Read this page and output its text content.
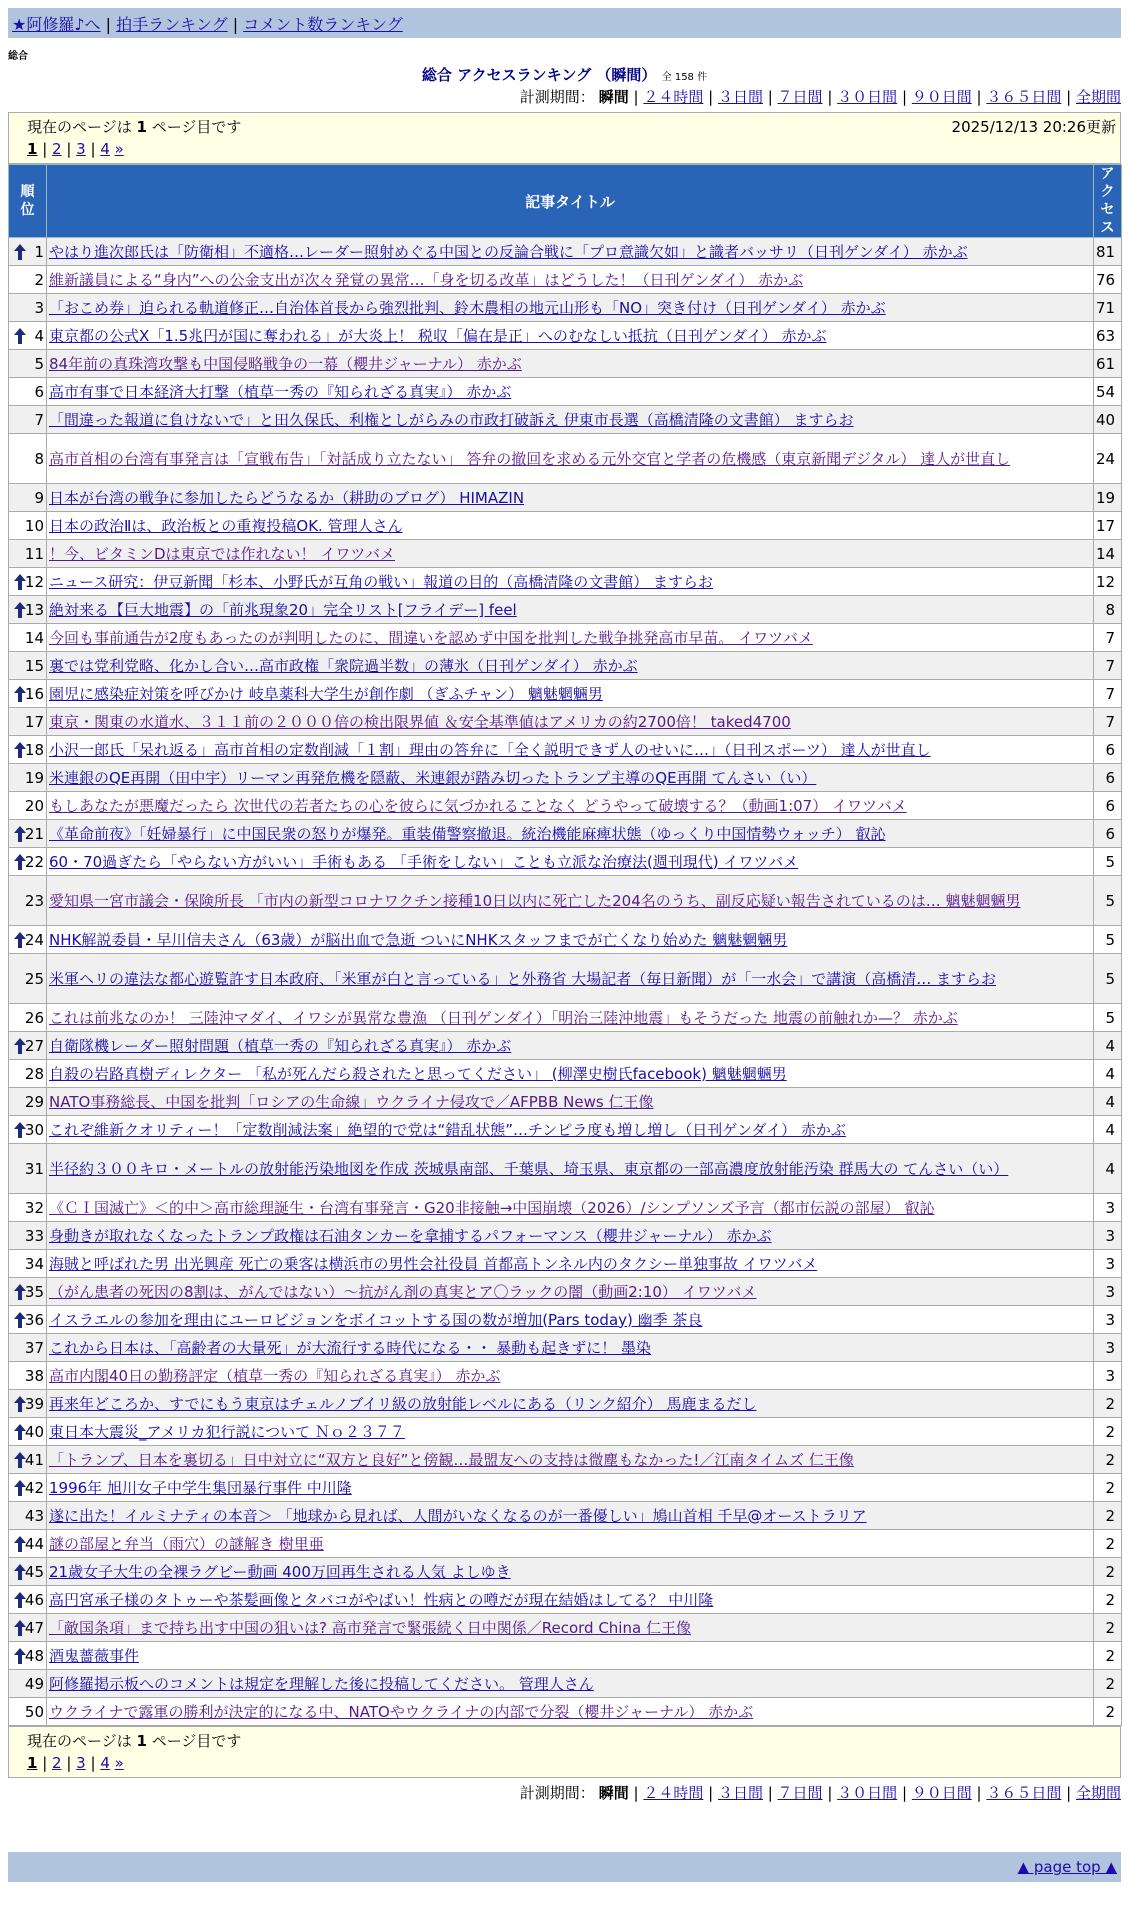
★阿修羅♪へ | 拍手ランキング | コメント数ランキング
総合
総合 アクセスランキング （瞬間） 全 158 件
計測期間： 瞬間 | ２４時間 | ３日間 | ７日間 | ３０日間 | ９０日間 | ３６５日間 | 全期間
現在のページは 1 ページ目です	2025/12/13 20:26更新
1 | 2 | 3 | 4 »
順位	記事タイトル	アクセス

1	やはり進次郎氏は「防衛相」不適格…レーダー照射めぐる中国との反論合戦に「プロ意識欠如」と識者バッサリ（日刊ゲンダイ） 赤かぶ	81
2	維新議員による“身内”への公金支出が次々発覚の異常…「身を切る改革」はどうした！（日刊ゲンダイ） 赤かぶ	76
3	「おこめ券」迫られる軌道修正…自治体首長から強烈批判、鈴木農相の地元山形も「NO」突き付け（日刊ゲンダイ） 赤かぶ	71

4	東京都の公式X「1.5兆円が国に奪われる」が大炎上！ 税収「偏在是正」へのむなしい抵抗（日刊ゲンダイ） 赤かぶ	63
5	84年前の真珠湾攻撃も中国侵略戦争の一幕（櫻井ジャーナル） 赤かぶ	61
6	高市有事で日本経済大打撃（植草一秀の『知られざる真実』） 赤かぶ	54
7	「間違った報道に負けないで」と田久保氏、利権としがらみの市政打破訴え 伊東市長選（高橋清隆の文書館） ますらお	40
8	高市首相の台湾有事発言は「宣戦布告」「対話成り立たない」 答弁の撤回を求める元外交官と学者の危機感（東京新聞デジタル） 達人が世直し	24
9	日本が台湾の戦争に参加したらどうなるか（耕助のブログ） HIMAZIN	19
10	日本の政治Ⅱは、政治板との重複投稿OK. 管理人さん	17
11	！今、ビタミンDは東京では作れない！ イワツバメ	14

12	ニュース研究：伊豆新聞「杉本、小野氏が互角の戦い」報道の目的（高橋清隆の文書館） ますらお	12

13	絶対来る【巨大地震】の「前兆現象20」完全リスト[フライデー] feel	8
14	今回も事前通告が2度もあったのが判明したのに、間違いを認めず中国を批判した戦争挑発高市早苗。 イワツバメ	7
15	裏では党利党略、化かし合い…高市政権「衆院過半数」の薄氷（日刊ゲンダイ） 赤かぶ	7

16	園児に感染症対策を呼びかけ 岐阜薬科大学生が創作劇 （ぎふチャン） 魑魅魍魎男	7
17	東京・関東の水道水、３１１前の２０００倍の検出限界値 ＆安全基準値はアメリカの約2700倍！ taked4700	7

18	小沢一郎氏「呆れ返る」高市首相の定数削減「１割」理由の答弁に「全く説明できず人のせいに…」（日刊スポーツ） 達人が世直し	6
19	米連銀のQE再開（田中宇）リーマン再発危機を隠蔽、米連銀が踏み切ったトランプ主導のQE再開 てんさい（い）	6
20	もしあなたが悪魔だったら 次世代の若者たちの心を彼らに気づかれることなく どうやって破壊する？（動画1:07） イワツバメ	6

21	《革命前夜》「妊婦暴行」に中国民衆の怒りが爆発。重装備警察撤退。統治機能麻痺状態（ゆっくり中国情勢ウォッチ） 叡訫	6

22	60・70過ぎたら「やらない方がいい」手術もある 「手術をしない」ことも立派な治療法(週刊現代) イワツバメ	5
23	愛知県一宮市議会・保険所長 「市内の新型コロナワクチン接種10日以内に死亡した204名のうち、副反応疑い報告されているのは… 魑魅魍魎男	5

24	NHK解説委員・早川信夫さん（63歳）が脳出血で急逝 ついにNHKスタッフまでが亡くなり始めた 魑魅魍魎男	5
25	米軍ヘリの違法な都心遊覧許す日本政府、「米軍が白と言っている」と外務省 大場記者（毎日新聞）が「一水会」で講演（高橋清… ますらお	5
26	これは前兆なのか！ 三陸沖マダイ、イワシが異常な豊漁 （日刊ゲンダイ）「明治三陸沖地震」もそうだった 地震の前触れか—？ 赤かぶ	5

27	自衛隊機レーダー照射問題（植草一秀の『知られざる真実』） 赤かぶ	4
28	自殺の岩路真樹ディレクター 「私が死んだら殺されたと思ってください」 (柳澤史樹氏facebook) 魑魅魍魎男	4
29	NATO事務総長、中国を批判「ロシアの生命線」ウクライナ侵攻で／AFPBB News 仁王像	4

30	これぞ維新クオリティー！「定数削減法案」絶望的で党は“錯乱状態”…チンピラ度も増し増し（日刊ゲンダイ） 赤かぶ	4
31	半径約３００キロ・メートルの放射能汚染地図を作成 茨城県南部、千葉県、埼玉県、東京都の一部高濃度放射能汚染 群馬大の てんさい（い）	4
32	《ＣＩ国滅亡》＜的中＞高市総理誕生・台湾有事発言・G20非接触→中国崩壊（2026）/シンプソンズ予言（都市伝説の部屋） 叡訫	3
33	身動きが取れなくなったトランプ政権は石油タンカーを拿捕するパフォーマンス（櫻井ジャーナル） 赤かぶ	3
34	海賊と呼ばれた男 出光興産 死亡の乗客は横浜市の男性会社役員 首都高トンネル内のタクシー単独事故 イワツバメ	3

35	（がん患者の死因の8割は、がんではない）〜抗がん剤の真実とア〇ラックの闇（動画2:10） イワツバメ	3

36	イスラエルの参加を理由にユーロビジョンをボイコットする国の数が増加(Pars today) 幽季 茶良	3
37	これから日本は、「高齢者の大量死」が大流行する時代になる・・ 暴動も起きずに！ 墨染	3
38	高市内閣40日の勤務評定（植草一秀の『知られざる真実』） 赤かぶ	3

39	再来年どころか、すでにもう東京はチェルノブイリ級の放射能レベルにある（リンク紹介） 馬鹿まるだし	2

40	東日本大震災_アメリカ犯行説について Ｎｏ２３７７	2

41	「トランプ、日本を裏切る」日中対立に“双方と良好”と傍観…最盟友への支持は微塵もなかった!／江南タイムズ 仁王像	2

42	1996年 旭川女子中学生集団暴行事件 中川隆	2
43	遂に出た！イルミナティの本音＞ 「地球から見れば、人間がいなくなるのが一番優しい」鳩山首相 千早@オーストラリア	2

44	謎の部屋と弁当（雨穴）の謎解き 樹里亜	2

45	21歳女子大生の全裸ラグビー動画 400万回再生される人気 よしゆき	2

46	高円宮承子様のタトゥーや茶髪画像とタバコがやばい！性病との噂だが現在結婚はしてる？ 中川隆	2

47	「敵国条項」まで持ち出す中国の狙いは? 高市発言で緊張続く日中関係／Record China 仁王像	2

48	酒鬼薔薇事件	2
49	阿修羅掲示板へのコメントは規定を理解した後に投稿してください。 管理人さん	2
50	ウクライナで露軍の勝利が決定的になる中、NATOやウクライナの内部で分裂（櫻井ジャーナル） 赤かぶ	2
現在のページは 1 ページ目です
1 | 2 | 3 | 4 »
計測期間： 瞬間 | ２４時間 | ３日間 | ７日間 | ３０日間 | ９０日間 | ３６５日間 | 全期間
▲ page top ▲
